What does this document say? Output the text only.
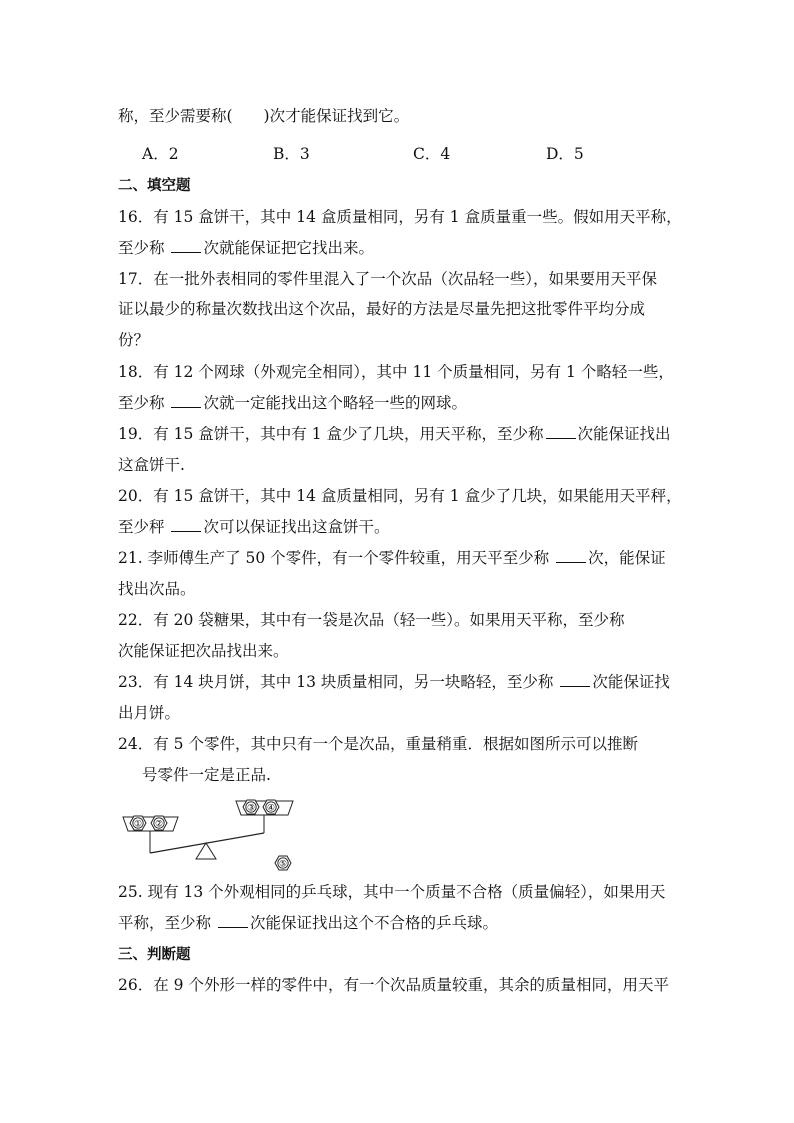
称，至少需要称(　　)次才能保证找到它。
A．2	B．3	C．4	D．5
二、填空题
16．有 15 盒饼干，其中 14 盒质量相同，另有 1 盒质量重一些。假如用天平称，
至少称 次就能保证把它找出来。
17．在一批外表相同的零件里混入了一个次品（次品轻一些），如果要用天平保
证以最少的称量次数找出这个次品，最好的方法是尽量先把这批零件平均分成
份？
18．有 12 个网球（外观完全相同），其中 11 个质量相同，另有 1 个略轻一些，
至少称 次就一定能找出这个略轻一些的网球。
19．有 15 盒饼干，其中有 1 盒少了几块，用天平称，至少称 次能保证找出
这盒饼干.
20．有 15 盒饼干，其中 14 盒质量相同，另有 1 盒少了几块，如果能用天平秤，
至少秤 次可以保证找出这盒饼干。
21. 李师傅生产了 50 个零件，有一个零件较重，用天平至少称 次，能保证
找出次品。
22．有 20 袋糖果，其中有一袋是次品（轻一些）。如果用天平称，至少称
次能保证把次品找出来。
23．有 14 块月饼，其中 13 块质量相同，另一块略轻，至少称 次能保证找
出月饼。
24．有 5 个零件，其中只有一个是次品，重量稍重．根据如图所示可以推断
号零件一定是正品.
① ②
③ ④
⑤
25. 现有 13 个外观相同的乒乓球，其中一个质量不合格（质量偏轻），如果用天
平称，至少称 次能保证找出这个不合格的乒乓球。
三、判断题
26．在 9 个外形一样的零件中，有一个次品质量较重，其余的质量相同，用天平
